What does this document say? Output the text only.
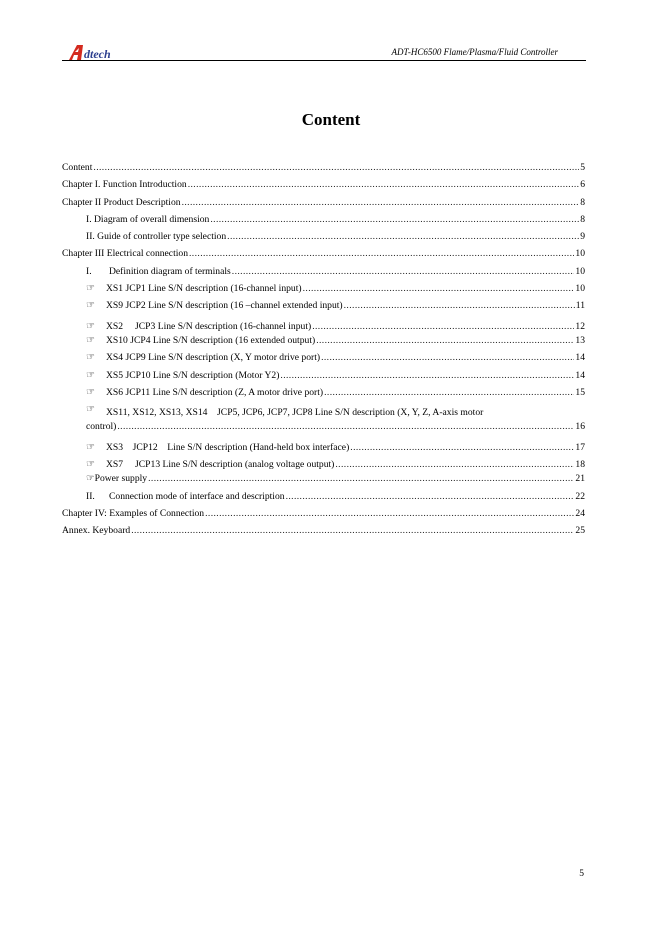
dtech	ADT-HC6500 Flame/Plasma/Fluid Controller
Content
Content .....	5
Chapter I. Function Introduction .....	6
Chapter II Product Description .....	8
I. Diagram of overall dimension .....	8
II. Guide of controller type selection .....	9
Chapter III Electrical connection .....	10
I. Definition diagram of terminals .....	10
☞ XS1 JCP1 Line S/N description (16-channel input) .....	10
☞ XS9 JCP2 Line S/N description (16 –channel extended input) .....	11
☞ XS2　 JCP3 Line S/N description (16-channel input) .....	12
☞ XS10 JCP4 Line S/N description (16 extended output) .....	13
☞ XS4 JCP9 Line S/N description (X, Y motor drive port) .....	14
☞ XS5 JCP10 Line S/N description (Motor Y2) .....	14
☞ XS6 JCP11 Line S/N description (Z, A motor drive port) .....	15
☞	XS11, XS12, XS13, XS14　JCP5, JCP6, JCP7, JCP8 Line S/N description (X, Y, Z, A-axis motor
control) .....	16
☞ XS3　JCP12　Line S/N description (Hand-held box interface) .....	17
☞ XS7　 JCP13 Line S/N description (analog voltage output) .....	18
☞Power supply .....	21
II. Connection mode of interface and description .....	22
Chapter IV: Examples of Connection .....	24
Annex. Keyboard .....	25
5
